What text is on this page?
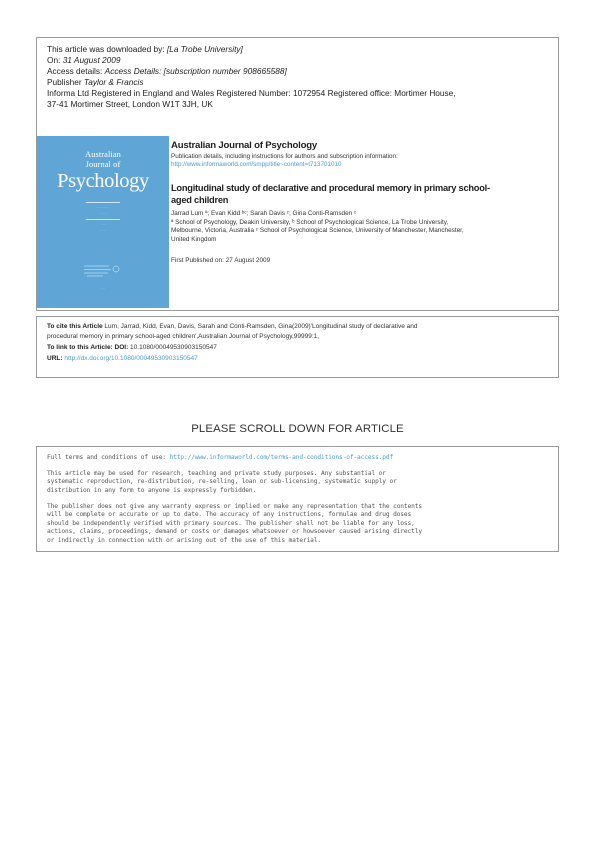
This article was downloaded by: [La Trobe University]
On: 31 August 2009
Access details: Access Details: [subscription number 908665588]
Publisher Taylor & Francis
Informa Ltd Registered in England and Wales Registered Number: 1072954 Registered office: Mortimer House,
37-41 Mortimer Street, London W1T 3JH, UK
Australian
Journal of
Psychology
· · · · · · ·
· · · · ·
· · ·
· · · · ·
· · ·
Australian Journal of Psychology
Publication details, including instructions for authors and subscription information:
http://www.informaworld.com/smpp/title~content=t713701010
Longitudinal study of declarative and procedural memory in primary school-
aged children
Jarrad Lum ª; Evan Kidd ᵇᶜ; Sarah Davis ᶜ; Gina Conti-Ramsden ᶜ
ª School of Psychology, Deakin University, ᵇ School of Psychological Science, La Trobe University,
Melbourne, Victoria, Australia ᶜ School of Psychological Science, University of Manchester, Manchester,
United Kingdom
First Published on: 27 August 2009
To cite this Article Lum, Jarrad, Kidd, Evan, Davis, Sarah and Conti-Ramsden, Gina(2009)'Longitudinal study of declarative and
procedural memory in primary school-aged children',Australian Journal of Psychology,99999:1,
To link to this Article: DOI: 10.1080/00049530903150547
URL: http://dx.doi.org/10.1080/00049530903150547
PLEASE SCROLL DOWN FOR ARTICLE
Full terms and conditions of use: http://www.informaworld.com/terms-and-conditions-of-access.pdf
This article may be used for research, teaching and private study purposes. Any substantial or
systematic reproduction, re-distribution, re-selling, loan or sub-licensing, systematic supply or
distribution in any form to anyone is expressly forbidden.
The publisher does not give any warranty express or implied or make any representation that the contents
will be complete or accurate or up to date. The accuracy of any instructions, formulae and drug doses
should be independently verified with primary sources. The publisher shall not be liable for any loss,
actions, claims, proceedings, demand or costs or damages whatsoever or howsoever caused arising directly
or indirectly in connection with or arising out of the use of this material.
